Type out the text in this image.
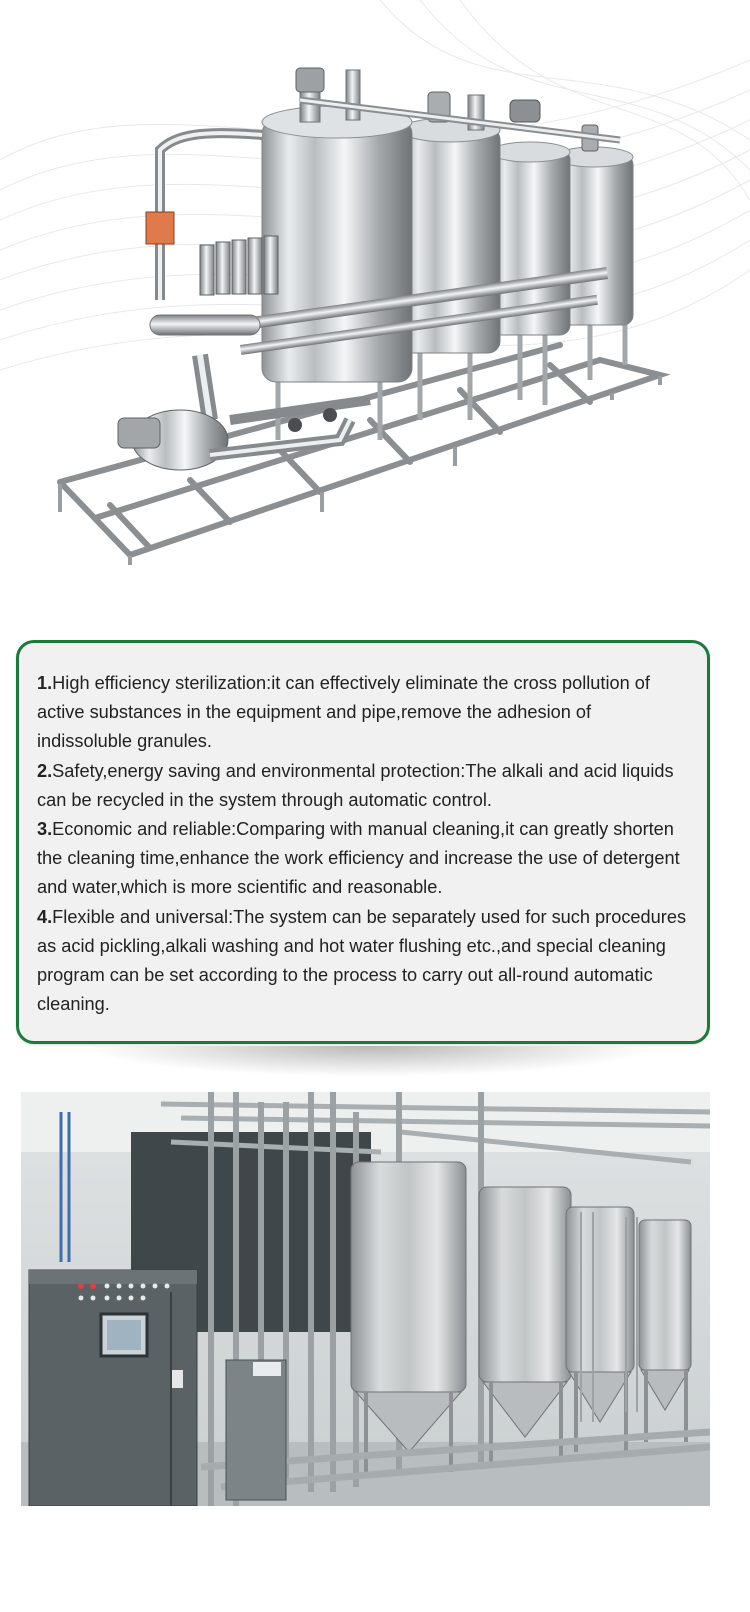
1.High efficiency sterilization:it can effectively eliminate the cross pollution of active substances in the equipment and pipe,remove the adhesion of indissoluble granules.

2.Safety,energy saving and environmental protection:The alkali and acid liquids can be recycled in the system through automatic control.

3.Economic and reliable:Comparing with manual cleaning,it can greatly shorten the cleaning time,enhance the work efficiency and increase the use of detergent and water,which is more scientific and reasonable.

4.Flexible and universal:The system can be separately used for such procedures as acid pickling,alkali washing and hot water flushing etc.,and special cleaning program can be set according to the process to carry out all-round automatic cleaning.
